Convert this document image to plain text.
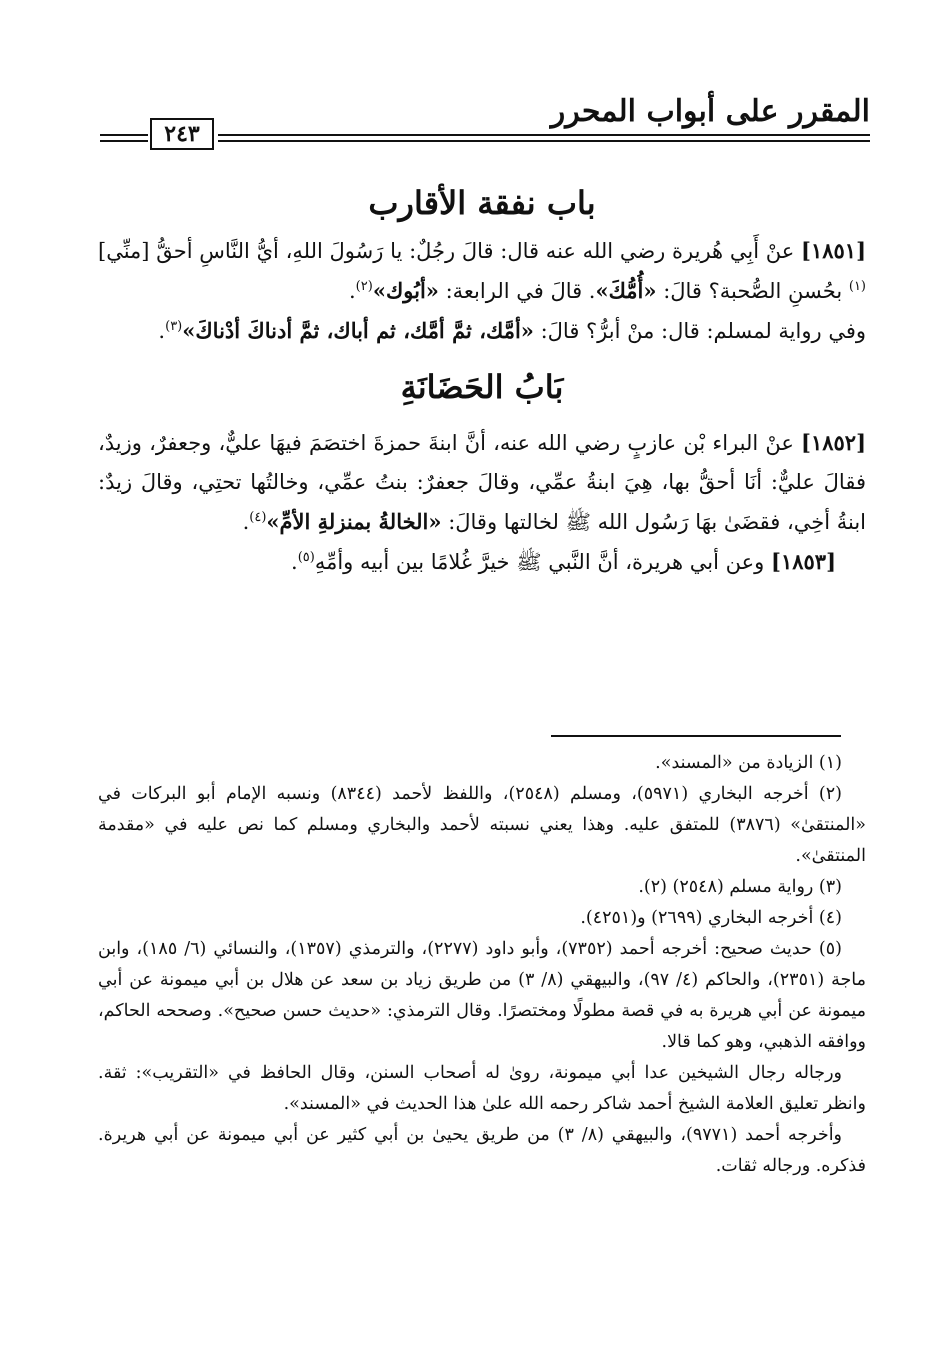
المقرر على أبواب المحرر
٢٤٣
باب نفقة الأقارب

[١٨٥١] عنْ أَبِي هُريرة رضي الله عنه قال: قالَ رجُلٌ: يا رَسُولَ اللهِ، أيُّ النَّاسِ أحقُّ [منِّي]$^{(١)}$ بحُسنِ الصُّحبة؟ قالَ: «أُمُّكَ». قالَ في الرابعة: «أبُوك»$^{(٢)}$.

وفي رواية لمسلم: قال: منْ أبرُّ؟ قالَ: «أمَّك، ثمَّ أمَّك، ثم أباك، ثمَّ أدناكَ أدْناكَ»$^{(٣)}$.

بَابُ الحَضَانَةِ

[١٨٥٢] عنْ البراء بْن عازبٍ رضي الله عنه، أنَّ ابنةَ حمزةَ اختصَمَ فيهَا عليٌّ، وجعفرٌ، وزيدٌ، فقالَ عليٌّ: أنَا أحقُّ بها، هِيَ ابنةُ عمِّي، وقالَ جعفرٌ: بنتُ عمِّي، وخالتُها تحتِي، وقالَ زيدٌ: ابنةُ أخِي، فقضَىٰ بهَا رَسُول الله ﷺ لخالتها وقالَ: «الخالةُ بمنزلةِ الأمِّ»$^{(٤)}$.

[١٨٥٣] وعن أبي هريرة، أنَّ النَّبي ﷺ خيرَّ غُلامًا بين أبيه وأمِّهِ$^{(٥)}$.

(١) الزيادة من «المسند».

(٢) أخرجه البخاري (٥٩٧١)، ومسلم (٢٥٤٨)، واللفظ لأحمد (٨٣٤٤) ونسبه الإمام أبو البركات في «المنتقىٰ» (٣٨٧٦) للمتفق عليه. وهذا يعني نسبته لأحمد والبخاري ومسلم كما نص عليه في «مقدمة المنتقىٰ».

(٣) رواية مسلم (٢٥٤٨) (٢).

(٤) أخرجه البخاري (٢٦٩٩) و(٤٢٥١).

(٥) حديث صحيح: أخرجه أحمد (٧٣٥٢)، وأبو داود (٢٢٧٧)، والترمذي (١٣٥٧)، والنسائي (٦/ ١٨٥)، وابن ماجة (٢٣٥١)، والحاكم (٤/ ٩٧)، والبيهقي (٨/ ٣) من طريق زياد بن سعد عن هلال بن أبي ميمونة عن أبي ميمونة عن أبي هريرة به في قصة مطولًا ومختصرًا. وقال الترمذي: «حديث حسن صحيح». وصححه الحاكم، ووافقه الذهبي، وهو كما قالا.

ورجاله رجال الشيخين عدا أبي ميمونة، روىٰ له أصحاب السنن، وقال الحافظ في «التقريب»: ثقة. وانظر تعليق العلامة الشيخ أحمد شاكر رحمه الله علىٰ هذا الحديث في «المسند».

وأخرجه أحمد (٩٧٧١)، والبيهقي (٨/ ٣) من طريق يحيىٰ بن أبي كثير عن أبي ميمونة عن أبي هريرة. فذكره. ورجاله ثقات.
